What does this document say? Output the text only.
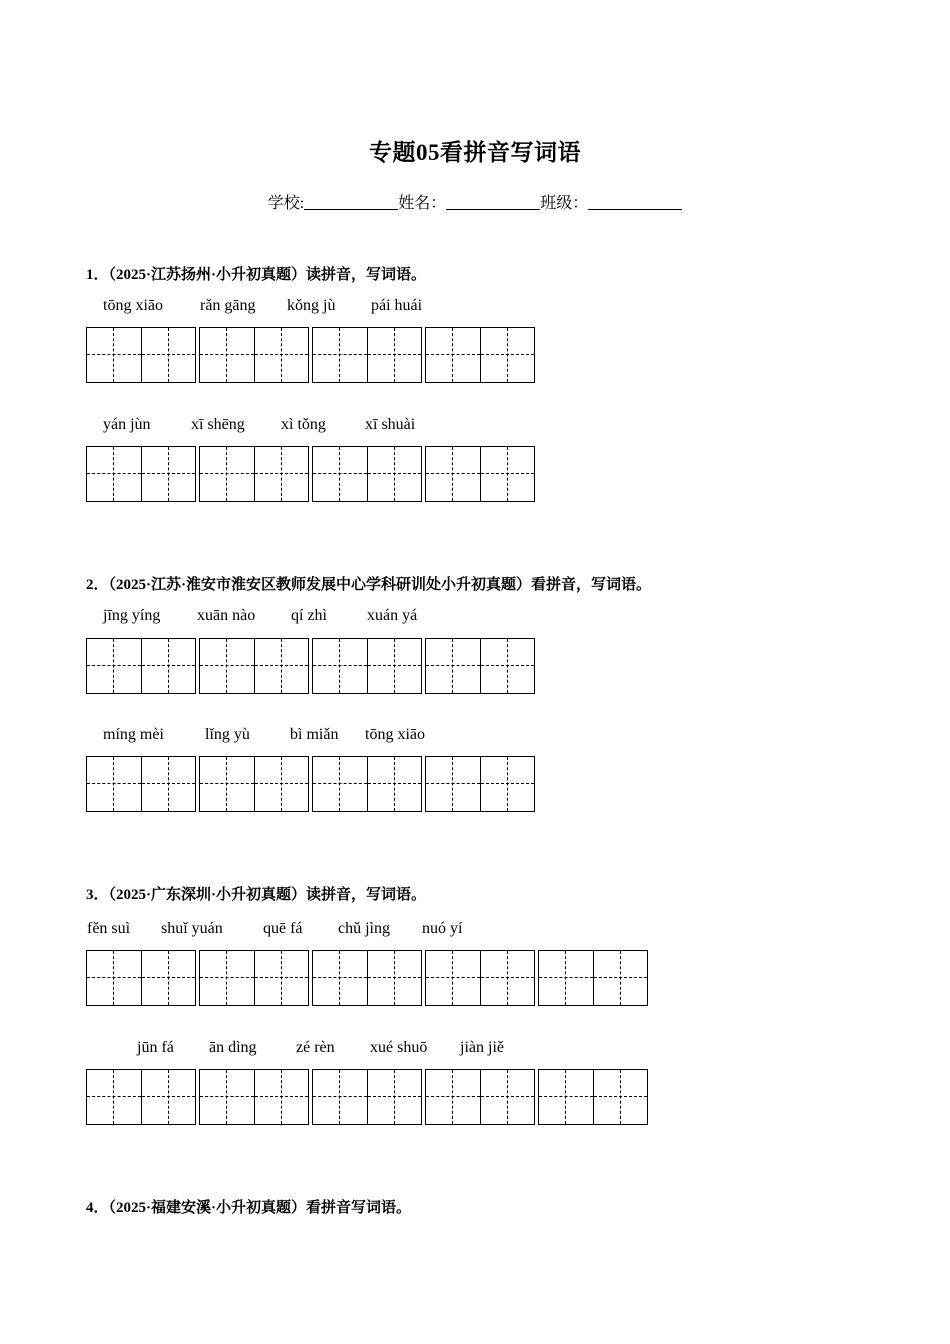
专题05看拼音写词语
学校:	姓名：	班级：
1．（2025·江苏扬州·小升初真题）读拼音，写词语。
tōng xiāo rǎn gāng kǒng jù pái huái
yán jùn	xī shēng xì tǒng xī shuài
2．（2025·江苏·淮安市淮安区教师发展中心学科研训处小升初真题）看拼音，写词语。
jīng yíng xuān nào qí zhì	xuán yá
míng mèi	lǐng yù	bì miǎn tōng xiāo
3．（2025·广东深圳·小升初真题）读拼音，写词语。
fěn suì shuǐ yuán	quē fá chǔ jìng nuó yí
jūn fá ān dìng zé rèn xué shuō jiàn jiě
4．（2025·福建安溪·小升初真题）看拼音写词语。
